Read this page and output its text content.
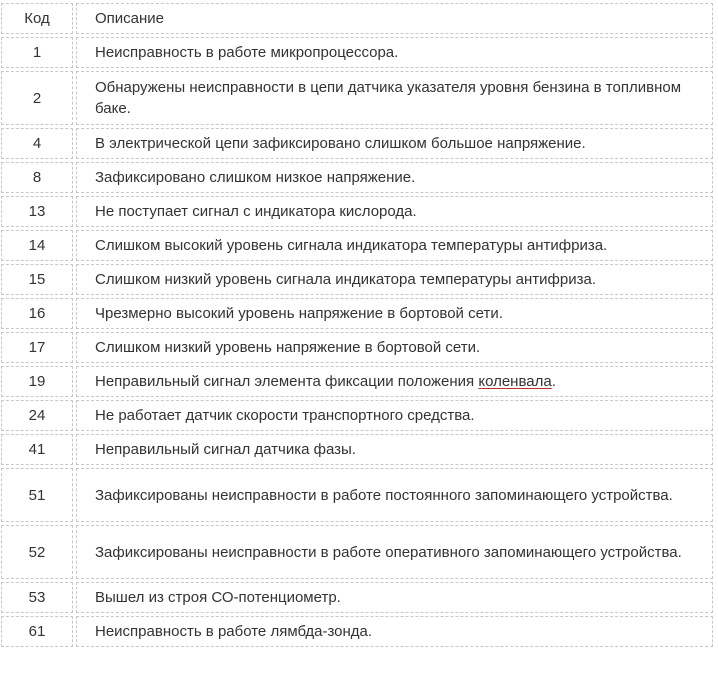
Код	Описание
1	Неисправность в работе микропроцессора.
2	Обнаружены неисправности в цепи датчика указателя уровня бензина в топливном баке.
4	В электрической цепи зафиксировано слишком большое напряжение.
8	Зафиксировано слишком низкое напряжение.
13	Не поступает сигнал с индикатора кислорода.
14	Слишком высокий уровень сигнала индикатора температуры антифриза.
15	Слишком низкий уровень сигнала индикатора температуры антифриза.
16	Чрезмерно высокий уровень напряжение в бортовой сети.
17	Слишком низкий уровень напряжение в бортовой сети.
19	Неправильный сигнал элемента фиксации положения коленвала.
24	Не работает датчик скорости транспортного средства.
41	Неправильный сигнал датчика фазы.
51	Зафиксированы неисправности в работе постоянного запоминающего устройства.
52	Зафиксированы неисправности в работе оперативного запоминающего устройства.
53	Вышел из строя СО-потенциометр.
61	Неисправность в работе лямбда-зонда.
